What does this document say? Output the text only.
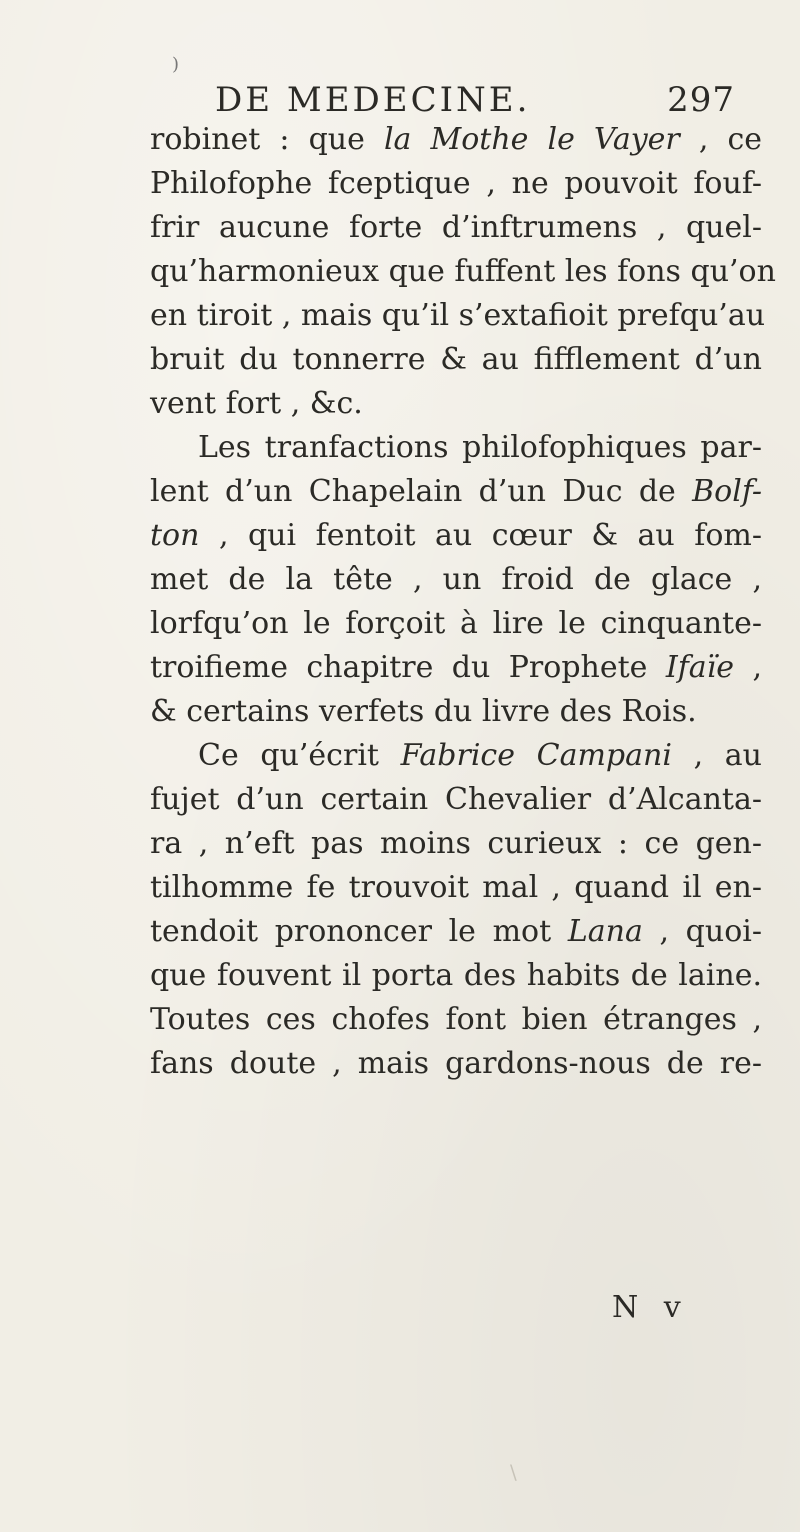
)
DE MEDECINE.	297
robinet : que la Mothe le Vayer , ce
Philofophe fceptique , ne pouvoit fouf-
frir aucune forte d’inftrumens , quel-
qu’harmonieux que fuffent les fons qu’on
en tiroit , mais qu’il s’extafioit prefqu’au
bruit du tonnerre & au fifflement d’un
vent fort , &c.
Les tranfactions philofophiques par-
lent d’un Chapelain d’un Duc de Bolf-
ton , qui fentoit au cœur & au fom-
met de la tête , un froid de glace ,
lorfqu’on le forçoit à lire le cinquante-
troifieme chapitre du Prophete Ifaïe ,
& certains verfets du livre des Rois.
Ce qu’écrit Fabrice Campani , au
fujet d’un certain Chevalier d’Alcanta-
ra , n’eft pas moins curieux : ce gen-
tilhomme fe trouvoit mal , quand il en-
tendoit prononcer le mot Lana , quoi-
que fouvent il porta des habits de laine.
Toutes ces chofes font bien étranges ,
fans doute , mais gardons-nous de re-
N v
\
